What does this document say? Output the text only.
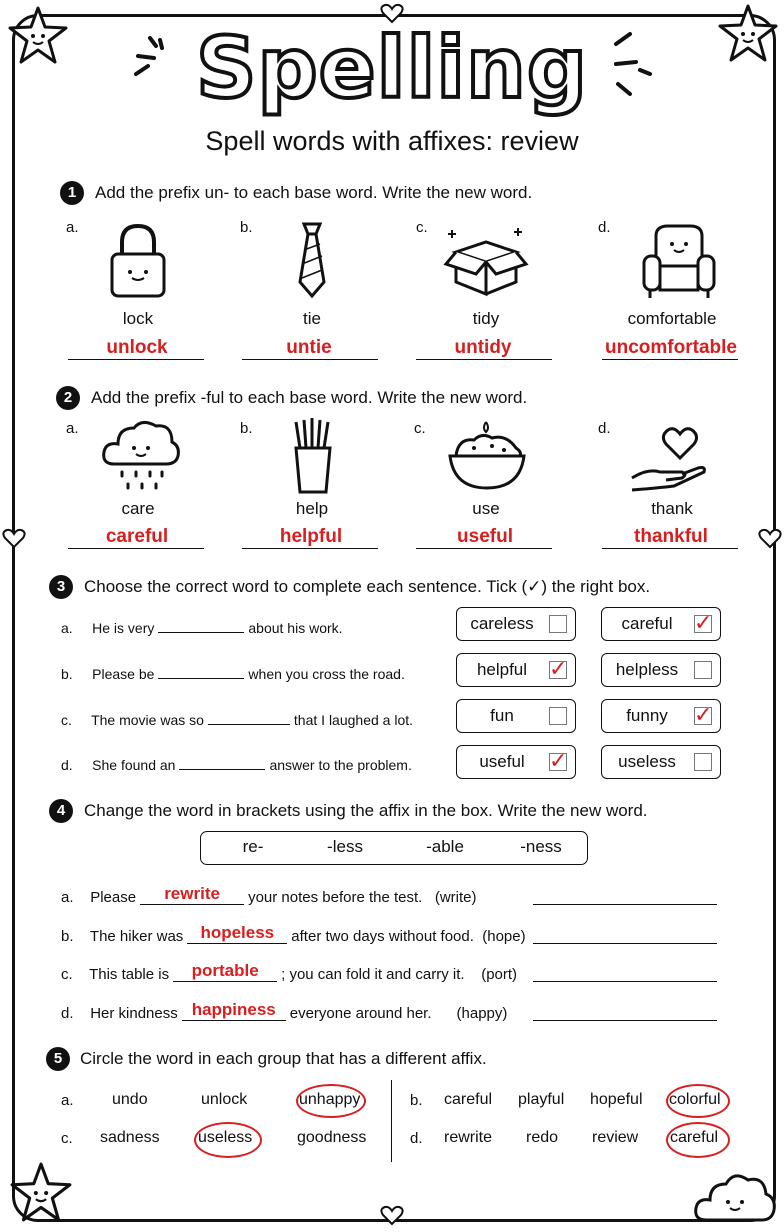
Spelling
Spell words with affixes: review
1	Add the prefix un- to each base word. Write the new word.
a.	b.	c.	d.
lock	tie	tidy	comfortable
unlock	untie	untidy	uncomfortable
2	Add the prefix -ful to each base word. Write the new word.
a.	b.	c.	d.
care	help	use	thank
careful	helpful	useful	thankful
3	Choose the correct word to complete each sentence. Tick (✓) the right box.
a. He is very	about his work.	careless	careful ✓
b. Please be	when you cross the road.	helpful ✓	helpless
c. The movie was so	that I laughed a lot.	fun	funny	✓
d. She found an	answer to the problem.	useful	✓	useless
4	Change the word in brackets using the affix in the box. Write the new word.
re-	-less	-able	-ness
a. Please rewrite your notes before the test. (write)
b. The hiker was hopeless after two days without food. (hope)
c. This table is portable ; you can fold it and carry it. (port)
d. Her kindness happiness everyone around her. (happy)
5	Circle the word in each group that has a different affix.
a. undo	unlock	unhappy	b. careful playful hopeful colorful
c. sadness useless	goodness	d. rewrite redo review careful
